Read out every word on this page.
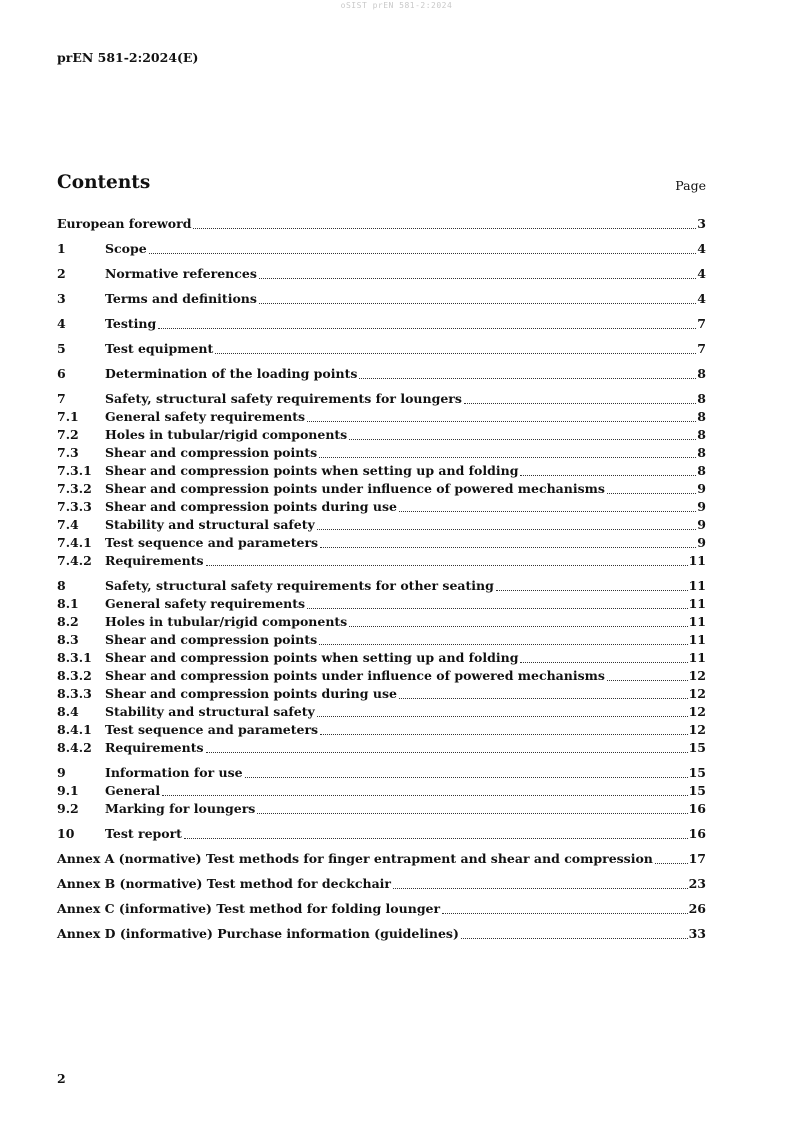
oSIST prEN 581-2:2024
prEN 581-2:2024(E)
Contents	Page
European foreword	3
1	Scope	4
2	Normative references	4
3	Terms and definitions	4
4	Testing	7
5	Test equipment	7
6	Determination of the loading points	8
7	Safety, structural safety requirements for loungers	8
7.1	General safety requirements	8
7.2	Holes in tubular/rigid components	8
7.3	Shear and compression points	8
7.3.1	Shear and compression points when setting up and folding	8
7.3.2	Shear and compression points under influence of powered mechanisms	9
7.3.3	Shear and compression points during use	9
7.4	Stability and structural safety	9
7.4.1	Test sequence and parameters	9
7.4.2	Requirements	11
8	Safety, structural safety requirements for other seating	11
8.1	General safety requirements	11
8.2	Holes in tubular/rigid components	11
8.3	Shear and compression points	11
8.3.1	Shear and compression points when setting up and folding	11
8.3.2	Shear and compression points under influence of powered mechanisms	12
8.3.3	Shear and compression points during use	12
8.4	Stability and structural safety	12
8.4.1	Test sequence and parameters	12
8.4.2	Requirements	15
9	Information for use	15
9.1	General	15
9.2	Marking for loungers	16
10	Test report	16
Annex A (normative) Test methods for finger entrapment and shear and compression	17
Annex B (normative) Test method for deckchair	23
Annex C (informative) Test method for folding lounger	26
Annex D (informative) Purchase information (guidelines)	33
2
